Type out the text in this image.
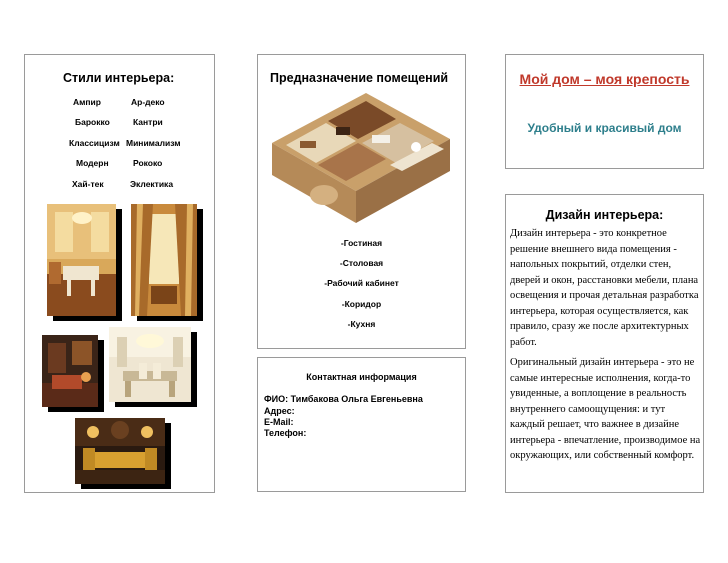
Стили интерьера:
Ампир	Ар-деко
Барокко	Кантри
Классицизм Минимализм
Модерн	Рококо
Хай-тек	Эклектика
Предназначение помещений
-Гостиная
-Столовая
-Рабочий кабинет
-Коридор
-Кухня
Контактная информация
ФИО: Тимбакова Ольга Евгеньевна
Адрес:
E-Mail:
Телефон:
Мой дом – моя крепость
Удобный и красивый дом
Дизайн интерьера:

Дизайн интерьера - это конкретное решение внешнего вида помещения - напольных покрытий, отделки стен, дверей и окон, расстановки мебели, плана освещения и прочая детальная разработка интерьера, которая осуществляется, как правило, сразу же после архитектурных работ.

Оригинальный дизайн интерьера - это не самые интересные исполнения, когда-то увиденные, а воплощение в реальность внутреннего самоощущения: и тут каждый решает, что важнее в дизайне интерьера - впечатление, производимое на окружающих, или собственный комфорт.
